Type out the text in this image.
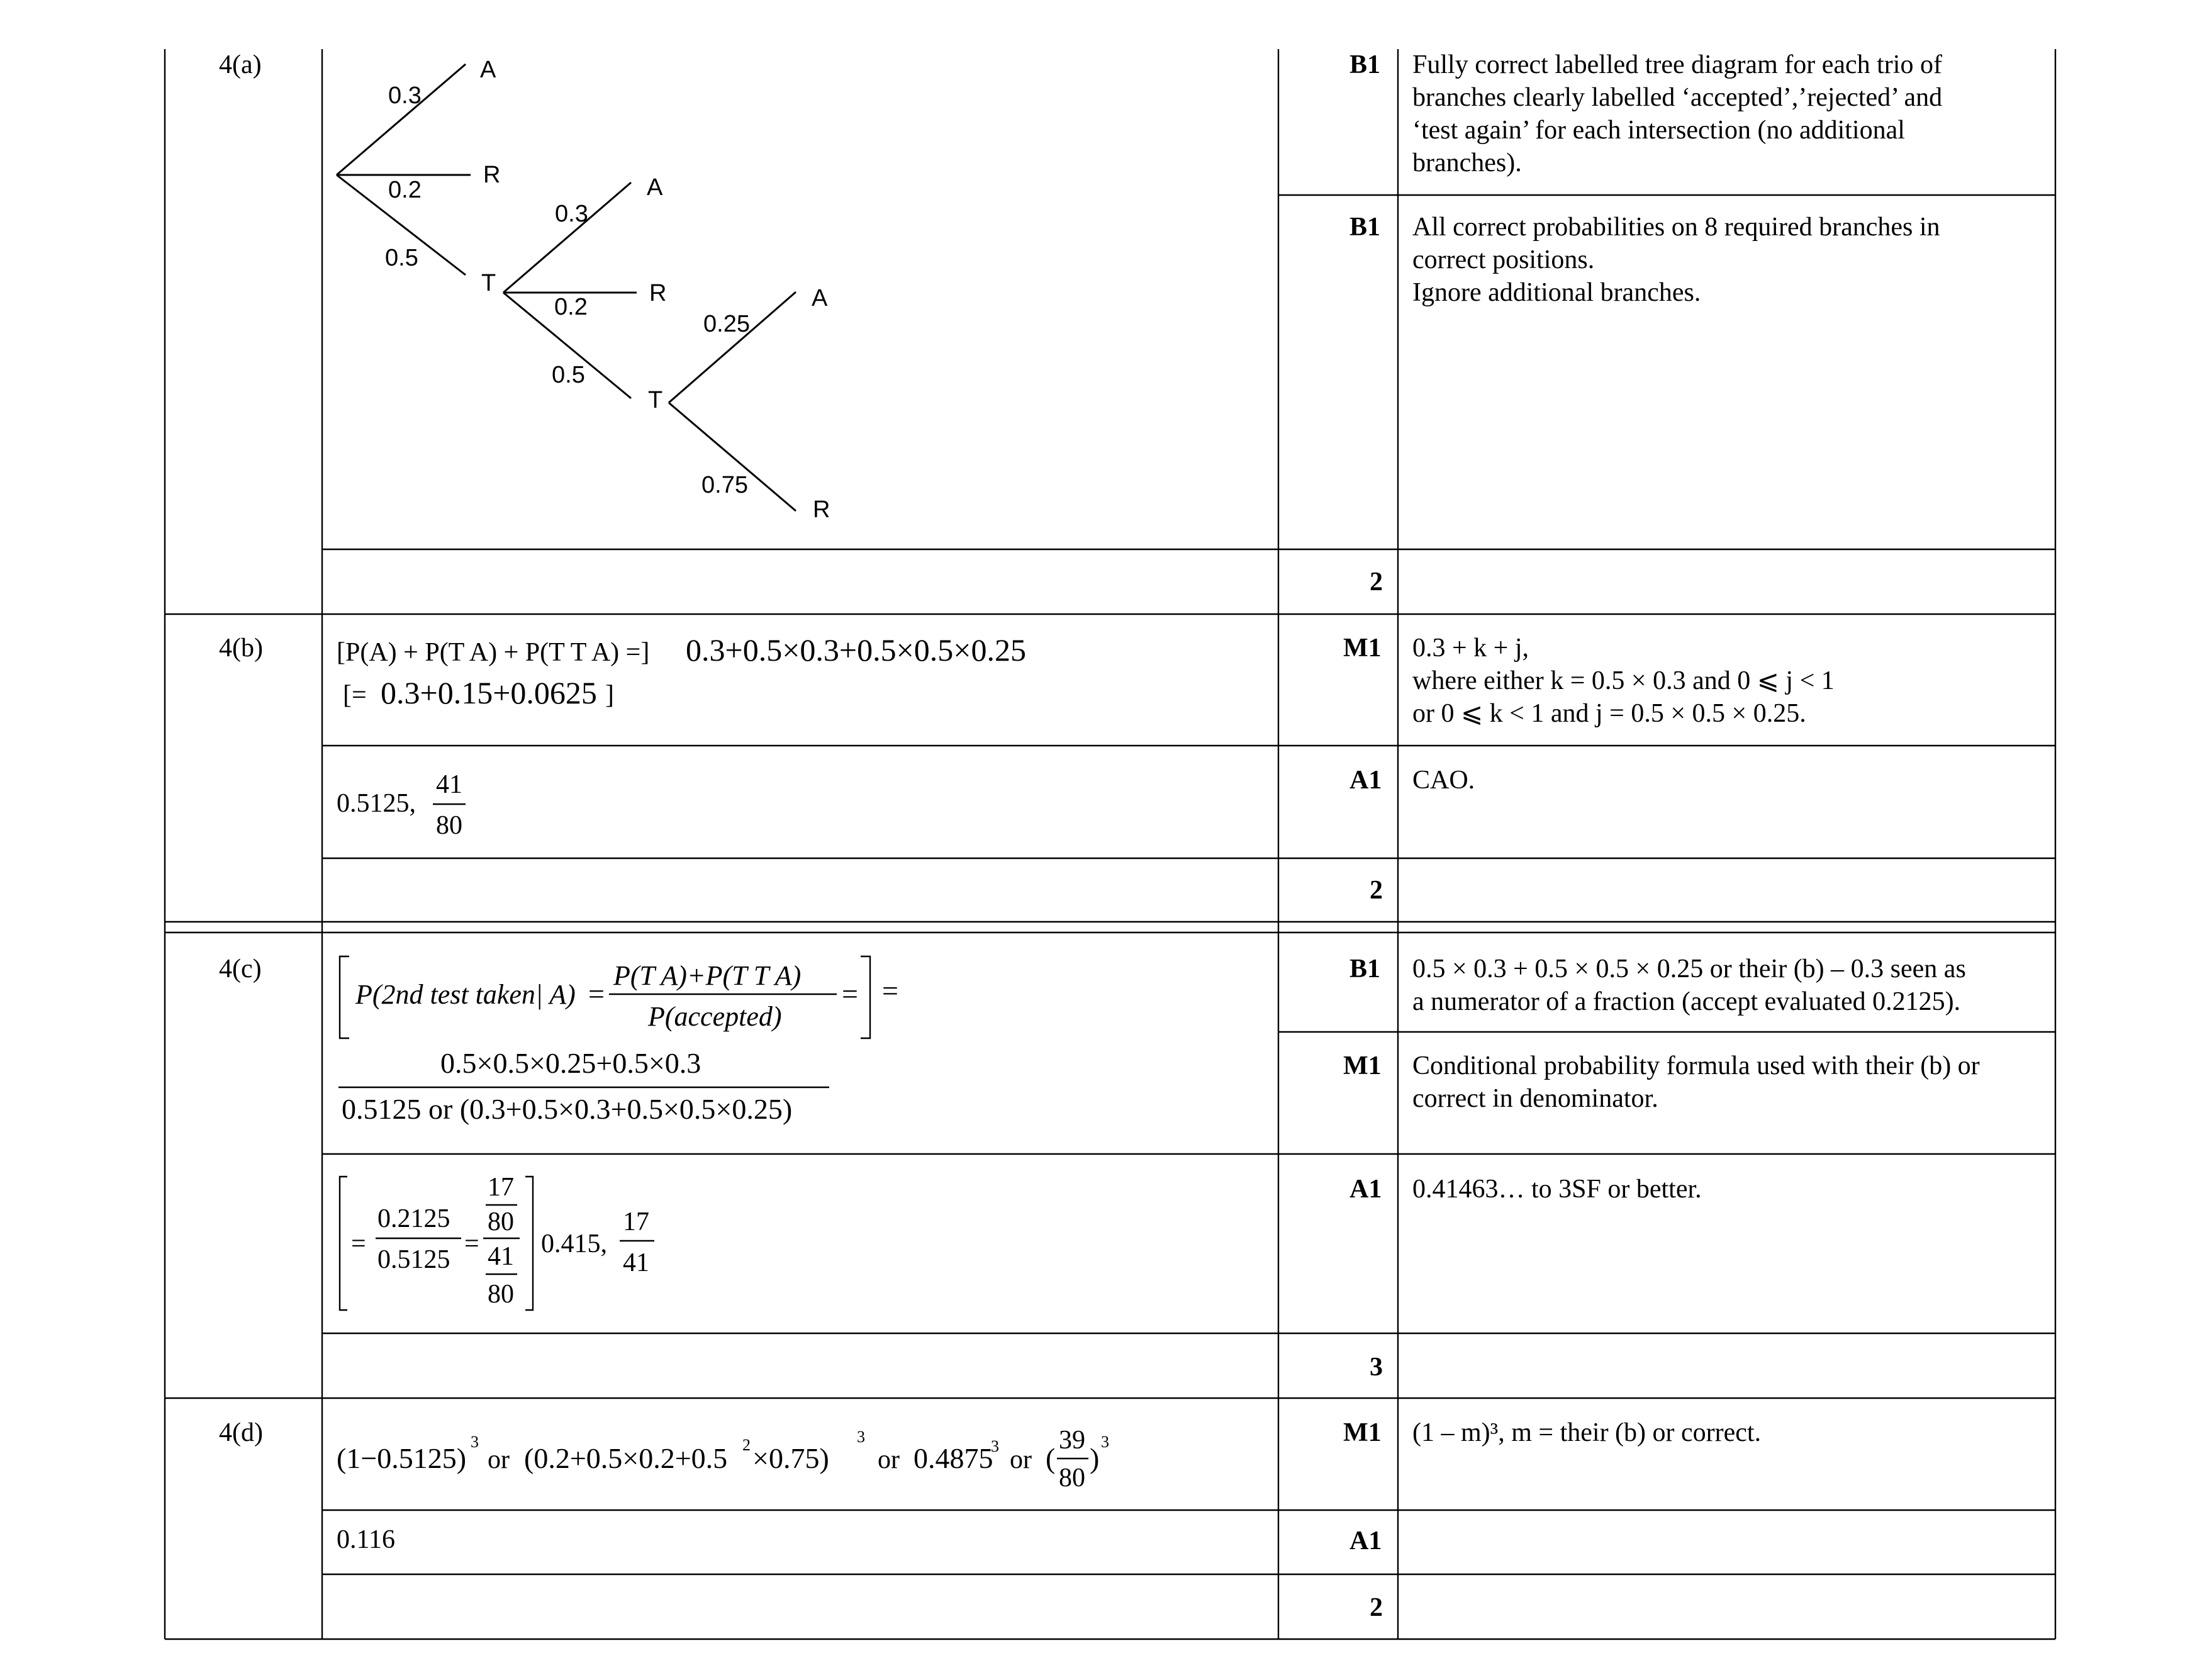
4(a)
0.3
0.2
0.5
A
R
T
0.3
0.2
0.5
A
R
T
0.25
0.75
A
R
B1 Fully correct labelled tree diagram for each trio of
branches clearly labelled ‘accepted’,’rejected’ and
‘test again’ for each intersection (no additional
branches).
B1 All correct probabilities on 8 required branches in
correct positions.
Ignore additional branches.
2
4(b)	[P(A) + P(T A) + P(T T A) =] 0.3+0.5×0.3+0.5×0.5×0.25
[= 0.3+0.15+0.0625 ]
0.5125,
41
80
M1 0.3 + k + j,
where either k = 0.5 × 0.3 and 0 ⩽ j < 1
or 0 ⩽ k < 1 and j = 0.5 × 0.5 × 0.25.
A1 CAO.
2
4(c)
P(2nd test taken| A) =
P(T A)+P(T T A)
P(accepted)
= =
0.5×0.5×0.25+0.5×0.3
0.5125 or (0.3+0.5×0.3+0.5×0.5×0.25)
=
0.2125
0.5125
=
17
80
41
80
0.415,
17
41
B1 0.5 × 0.3 + 0.5 × 0.5 × 0.25 or their (b) – 0.3 seen as
a numerator of a fraction (accept evaluated 0.2125).
M1 Conditional probability formula used with their (b) or
correct in denominator.
A1 0.41463… to 3SF or better.
3
4(d)
(1−0.5125)
3
or (0.2+0.5×0.2+0.5 2 ×0.75)
3
or 0.4875
3 or (
39
80
)
3
0.116
M1 (1 – m)³, m = their (b) or correct.
A1
2
